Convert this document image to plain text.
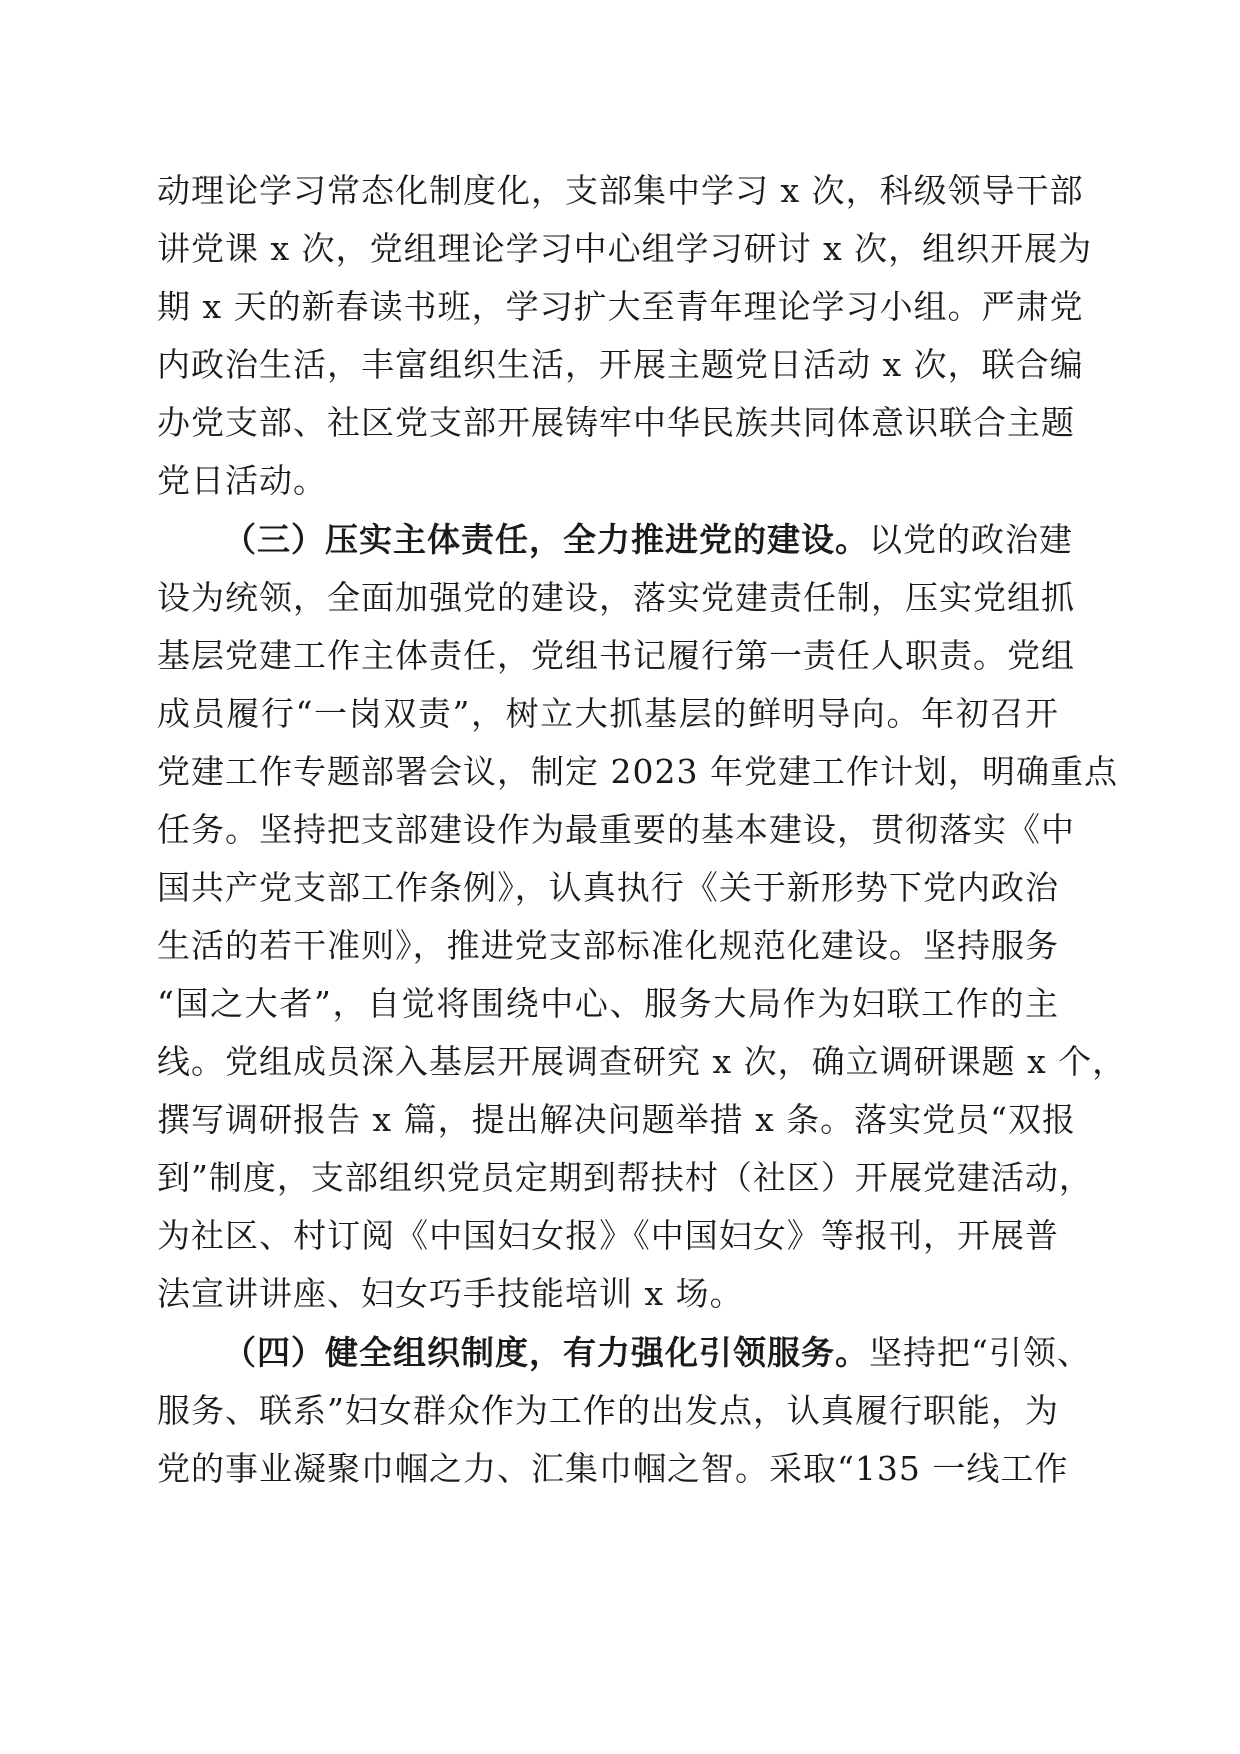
动理论学习常态化制度化，支部集中学习 x 次，科级领导干部
讲党课 x 次，党组理论学习中心组学习研讨 x 次，组织开展为
期 x 天的新春读书班，学习扩大至青年理论学习小组。严肃党
内政治生活，丰富组织生活，开展主题党日活动 x 次，联合编
办党支部、社区党支部开展铸牢中华民族共同体意识联合主题
党日活动。
（三）压实主体责任，全力推进党的建设。以党的政治建
设为统领，全面加强党的建设，落实党建责任制，压实党组抓
基层党建工作主体责任，党组书记履行第一责任人职责。党组
成员履行“一岗双责”，树立大抓基层的鲜明导向。年初召开
党建工作专题部署会议，制定 2023 年党建工作计划，明确重点
任务。坚持把支部建设作为最重要的基本建设，贯彻落实《中
国共产党支部工作条例》，认真执行《关于新形势下党内政治
生活的若干准则》，推进党支部标准化规范化建设。坚持服务
“国之大者”，自觉将围绕中心、服务大局作为妇联工作的主
线。党组成员深入基层开展调查研究 x 次，确立调研课题 x 个，
撰写调研报告 x 篇，提出解决问题举措 x 条。落实党员“双报
到”制度，支部组织党员定期到帮扶村（社区）开展党建活动，
为社区、村订阅《中国妇女报》《中国妇女》等报刊，开展普
法宣讲讲座、妇女巧手技能培训 x 场。
（四）健全组织制度，有力强化引领服务。坚持把“引领、
服务、联系”妇女群众作为工作的出发点，认真履行职能，为
党的事业凝聚巾帼之力、汇集巾帼之智。采取“135 一线工作
